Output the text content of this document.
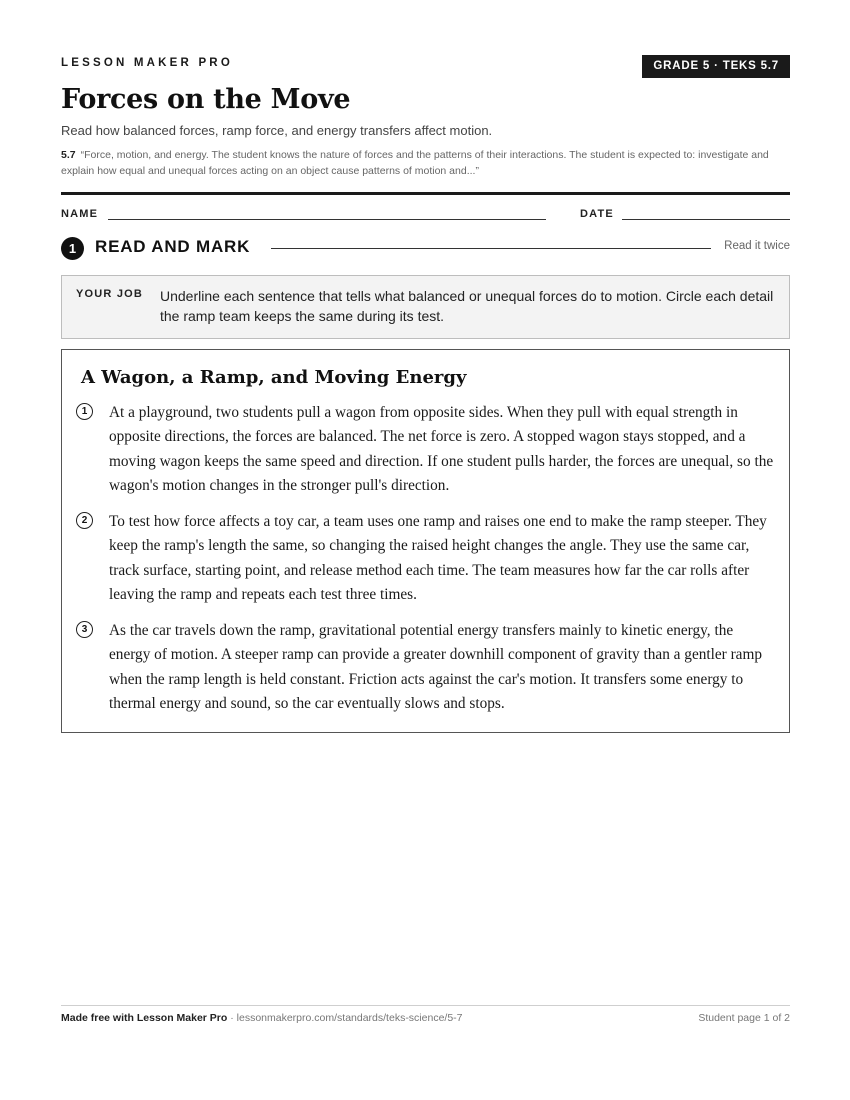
LESSON MAKER PRO	GRADE 5 · TEKS 5.7
Forces on the Move
Read how balanced forces, ramp force, and energy transfers affect motion.
5.7 “Force, motion, and energy. The student knows the nature of forces and the patterns of their interactions. The student is expected to: investigate and explain how equal and unequal forces acting on an object cause patterns of motion and...”
NAME	DATE
1	READ AND MARK	Read it twice
YOUR JOB Underline each sentence that tells what balanced or unequal forces do to motion. Circle each detail the ramp team keeps the same during its test.
A Wagon, a Ramp, and Moving Energy
1	At a playground, two students pull a wagon from opposite sides. When they pull with equal strength in opposite directions, the forces are balanced. The net force is zero. A stopped wagon stays stopped, and a moving wagon keeps the same speed and direction. If one student pulls harder, the forces are unequal, so the wagon's motion changes in the stronger pull's direction.

2	To test how force affects a toy car, a team uses one ramp and raises one end to make the ramp steeper. They keep the ramp's length the same, so changing the raised height changes the angle. They use the same car, track surface, starting point, and release method each time. The team measures how far the car rolls after leaving the ramp and repeats each test three times.

3	As the car travels down the ramp, gravitational potential energy transfers mainly to kinetic energy, the energy of motion. A steeper ramp can provide a greater downhill component of gravity than a gentler ramp when the ramp length is held constant. Friction acts against the car's motion. It transfers some energy to thermal energy and sound, so the car eventually slows and stops.

Made free with Lesson Maker Pro · lessonmakerpro.com/standards/teks-science/5-7	Student page 1 of 2
